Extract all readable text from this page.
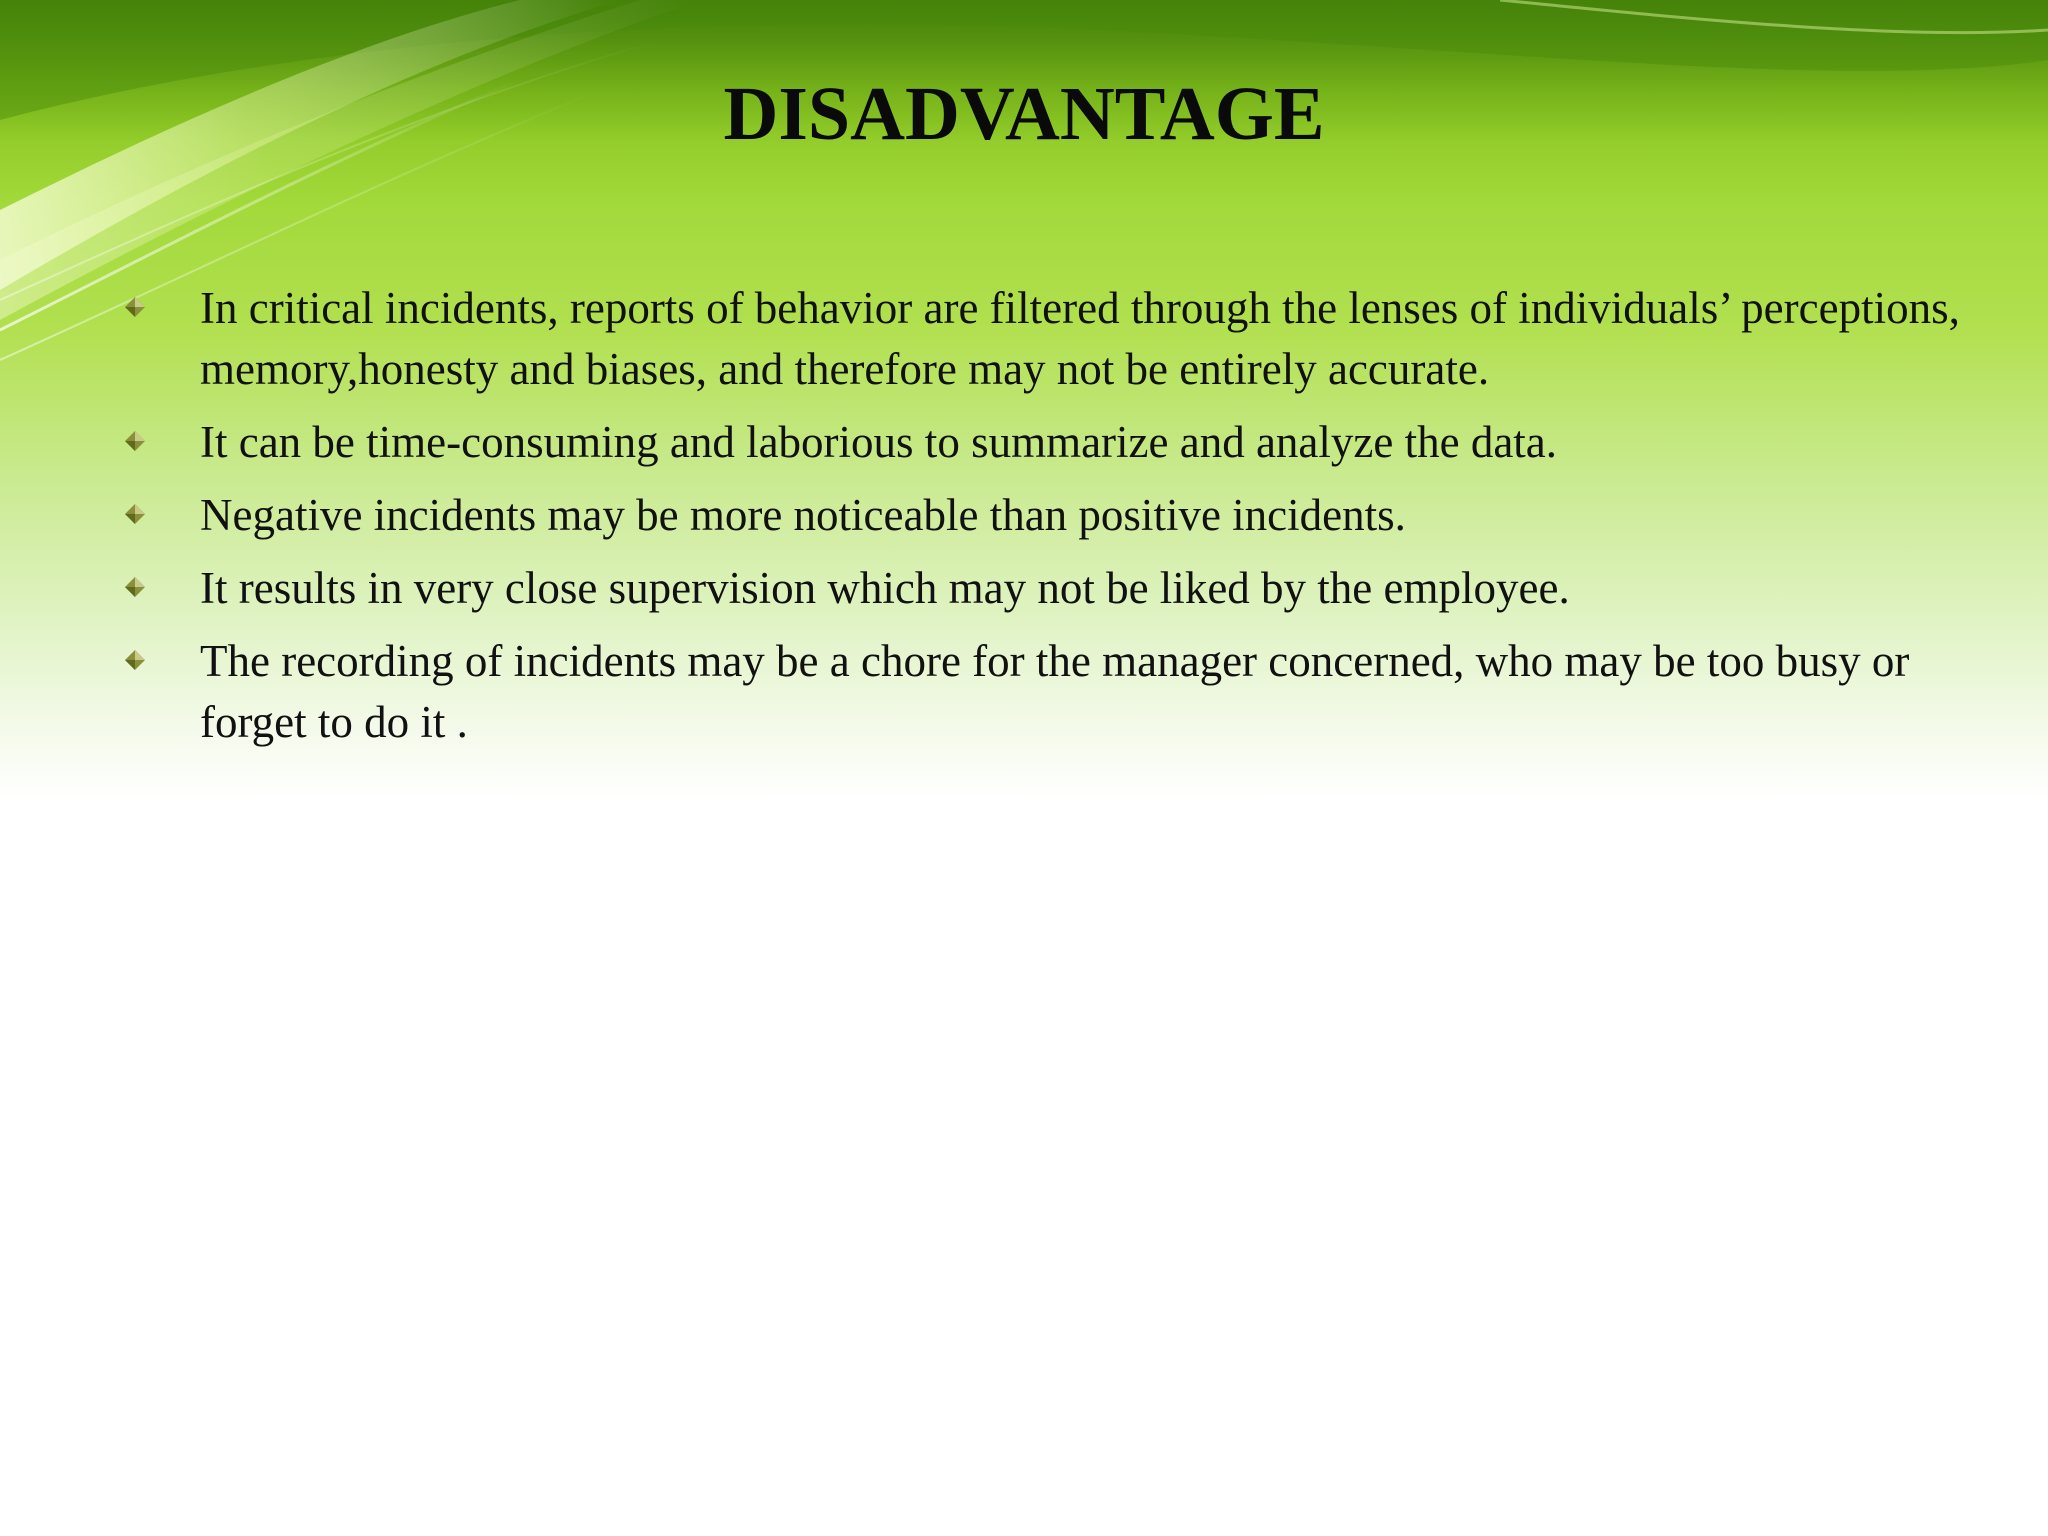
DISADVANTAGE
In critical incidents, reports of behavior are filtered through the lenses of individuals’ perceptions, memory,honesty and biases, and therefore may not be entirely accurate.
It can be time-consuming and laborious to summarize and analyze the data.
Negative incidents may be more noticeable than positive incidents.
It results in very close supervision which may not be liked by the employee.
The recording of incidents may be a chore for the manager concerned, who may be too busy or forget to do it .
